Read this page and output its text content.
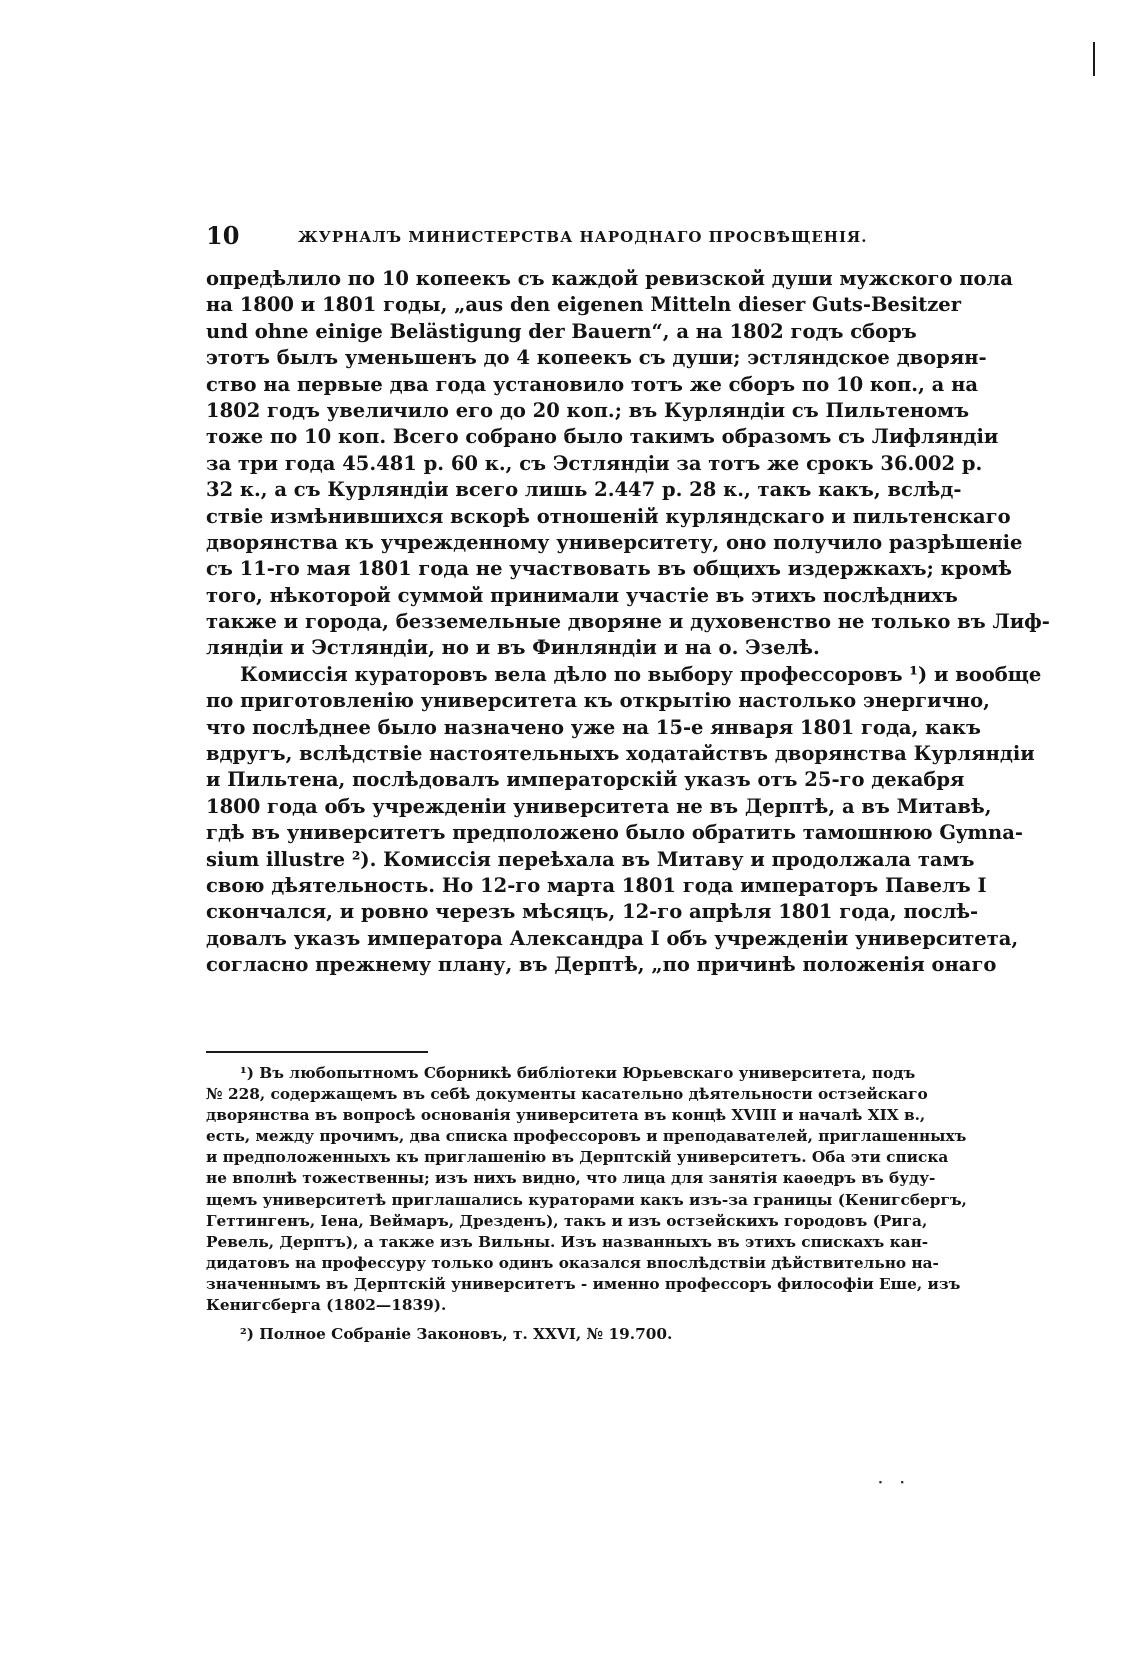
10	ЖУРНАЛЪ МИНИСТЕРСТВА НАРОДНАГО ПРОСВѢЩЕНІЯ.
опредѣлило по 10 копеекъ съ каждой ревизской души мужского пола
на 1800 и 1801 годы, „aus den eigenen Mitteln dieser Guts-Besitzer
und ohne einige Belästigung der Bauern“, а на 1802 годъ сборъ
этотъ былъ уменьшенъ до 4 копеекъ съ души; эстляндское дворян-
ство на первые два года установило тотъ же сборъ по 10 коп., а на
1802 годъ увеличило его до 20 коп.; въ Курляндіи съ Пильтеномъ
тоже по 10 коп. Всего собрано было такимъ образомъ съ Лифляндіи
за три года 45.481 р. 60 к., съ Эстляндіи за тотъ же срокъ 36.002 р.
32 к., а съ Курляндіи всего лишь 2.447 р. 28 к., такъ какъ, вслѣд-
ствіе измѣнившихся вскорѣ отношеній курляндскаго и пильтенскаго
дворянства къ учрежденному университету, оно получило разрѣшеніе
съ 11-го мая 1801 года не участвовать въ общихъ издержкахъ; кромѣ
того, нѣкоторой суммой принимали участіе въ этихъ послѣднихъ
также и города, безземельные дворяне и духовенство не только въ Лиф-
ляндіи и Эстляндіи, но и въ Финляндіи и на о. Эзелѣ.
Комиссія кураторовъ вела дѣло по выбору профессоровъ ¹) и вообще
по приготовленію университета къ открытію настолько энергично,
что послѣднее было назначено уже на 15-е января 1801 года, какъ
вдругъ, вслѣдствіе настоятельныхъ ходатайствъ дворянства Курляндіи
и Пильтена, послѣдовалъ императорскій указъ отъ 25-го декабря
1800 года объ учрежденіи университета не въ Дерптѣ, а въ Митавѣ,
гдѣ въ университетъ предположено было обратить тамошнюю Gymna-
sium illustre ²). Комиссія переѣхала въ Митаву и продолжала тамъ
свою дѣятельность. Но 12-го марта 1801 года императоръ Павелъ I
скончался, и ровно черезъ мѣсяцъ, 12-го апрѣля 1801 года, послѣ-
довалъ указъ императора Александра I объ учрежденіи университета,
согласно прежнему плану, въ Дерптѣ, „по причинѣ положенія онаго
¹) Въ любопытномъ Сборникѣ библіотеки Юрьевскаго университета, подъ
№ 228, содержащемъ въ себѣ документы касательно дѣятельности остзейскаго
дворянства въ вопросѣ основанія университета въ концѣ XVIII и началѣ XIX в.,
есть, между прочимъ, два списка профессоровъ и преподавателей, приглашенныхъ
и предположенныхъ къ приглашенію въ Дерптскій университетъ. Оба эти списка
не вполнѣ тожественны; изъ нихъ видно, что лица для занятія каѳедръ въ буду-
щемъ университетѣ приглашались кураторами какъ изъ-за границы (Кенигсбергъ,
Геттингенъ, Іена, Веймаръ, Дрезденъ), такъ и изъ остзейскихъ городовъ (Рига,
Ревель, Дерптъ), а также изъ Вильны. Изъ названныхъ въ этихъ спискахъ кан-
дидатовъ на профессуру только одинъ оказался впослѣдствіи дѣйствительно на-
значеннымъ въ Дерптскій университетъ - именно профессоръ философіи Еше, изъ
Кенигсберга (1802—1839).
²) Полное Собраніе Законовъ, т. XXVI, № 19.700.
· ·
